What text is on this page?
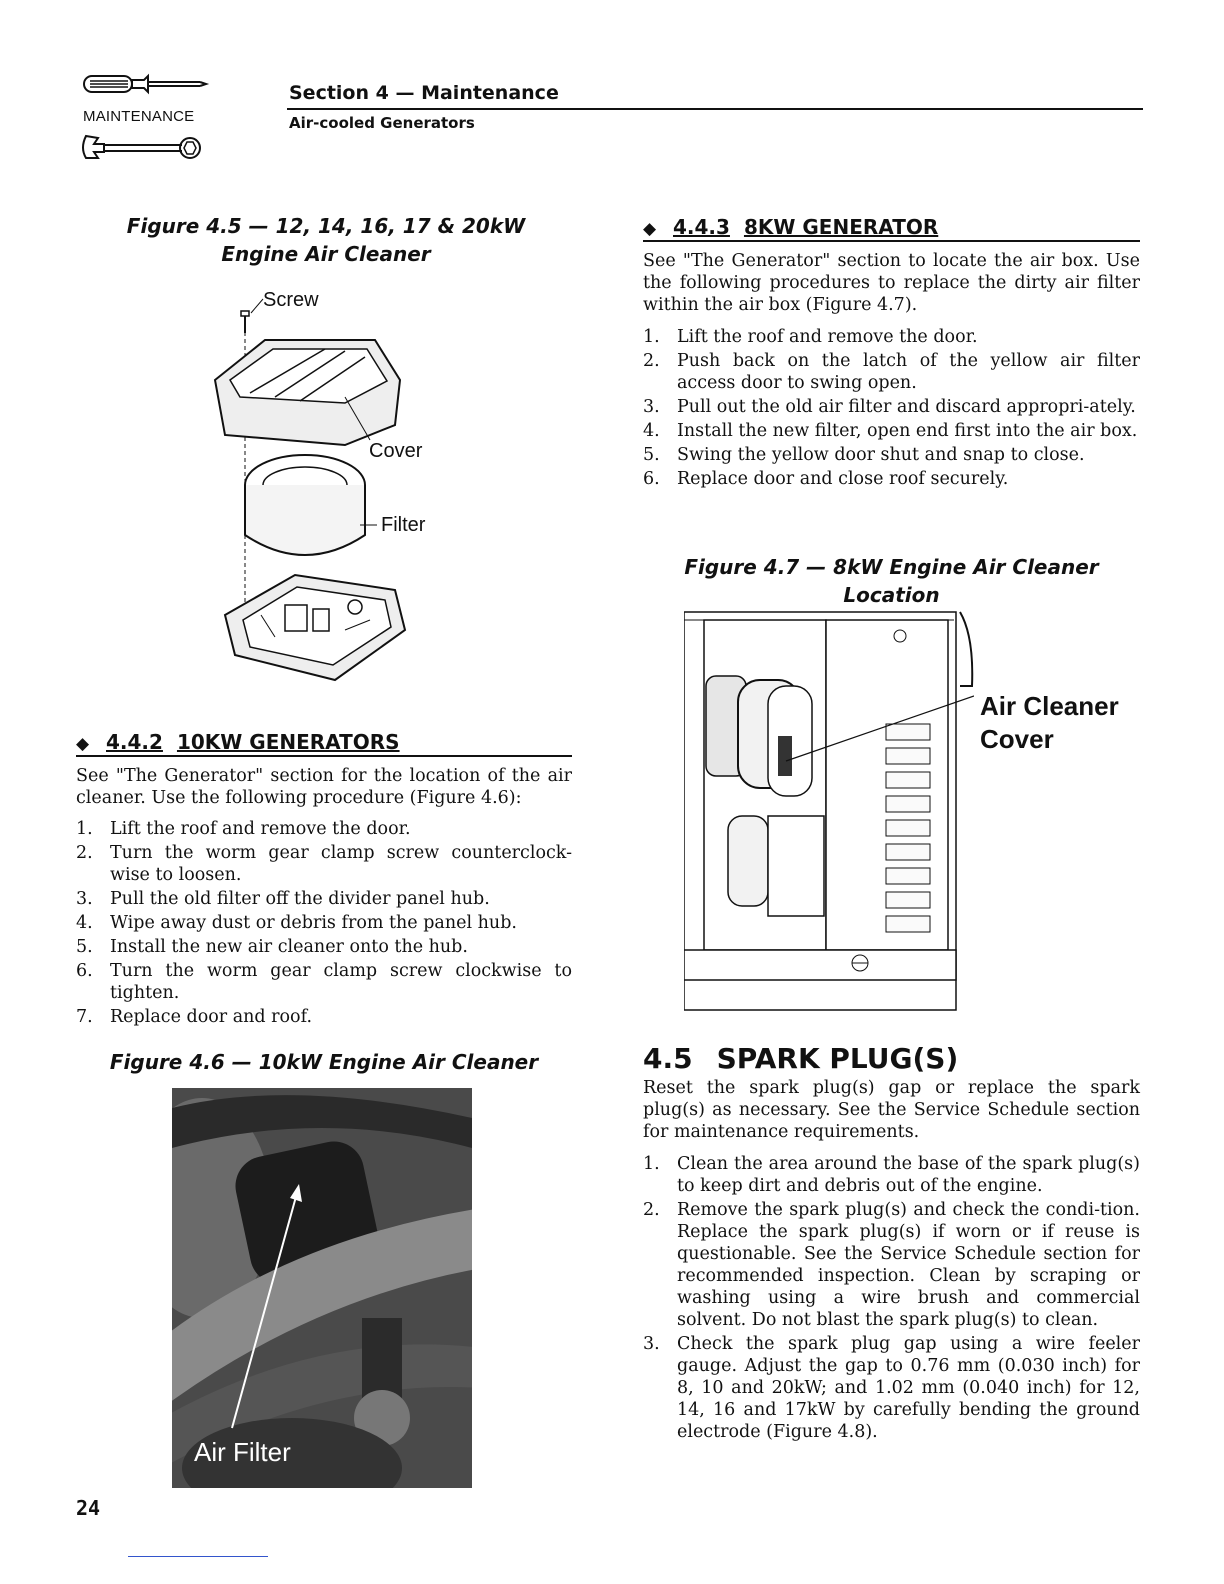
MAINTENANCE
Section 4 — Maintenance
Air-cooled Generators
Figure 4.5 — 12, 14, 16, 17 & 20kW
Engine Air Cleaner
Screw
Cover
Filter
◆ 4.4.2 10KW GENERATORS
See "The Generator" section for the location of the air cleaner. Use the following procedure (Figure 4.6):
1. Lift the roof and remove the door.
2. Turn the worm gear clamp screw counterclock-wise to loosen.
3. Pull the old filter off the divider panel hub.
4. Wipe away dust or debris from the panel hub.
5. Install the new air cleaner onto the hub.
6. Turn the worm gear clamp screw clockwise to tighten.
7. Replace door and roof.
Figure 4.6 — 10kW Engine Air Cleaner
Air Filter
24
◆ 4.4.3 8KW GENERATOR
See "The Generator" section to locate the air box. Use the following procedures to replace the dirty air filter within the air box (Figure 4.7).
1. Lift the roof and remove the door.
2. Push back on the latch of the yellow air filter access door to swing open.
3. Pull out the old air filter and discard appropri-ately.
4. Install the new filter, open end first into the air box.
5. Swing the yellow door shut and snap to close.
6. Replace door and close roof securely.
Figure 4.7 — 8kW Engine Air Cleaner Location
Air Cleaner
Cover
4.5 SPARK PLUG(S)
Reset the spark plug(s) gap or replace the spark plug(s) as necessary. See the Service Schedule section for maintenance requirements.
1. Clean the area around the base of the spark plug(s) to keep dirt and debris out of the engine.
2. Remove the spark plug(s) and check the condi-tion. Replace the spark plug(s) if worn or if reuse is questionable. See the Service Schedule section for recommended inspection. Clean by scraping or washing using a wire brush and commercial solvent. Do not blast the spark plug(s) to clean.
3. Check the spark plug gap using a wire feeler gauge. Adjust the gap to 0.76 mm (0.030 inch) for 8, 10 and 20kW; and 1.02 mm (0.040 inch) for 12, 14, 16 and 17kW by carefully bending the ground electrode (Figure 4.8).
